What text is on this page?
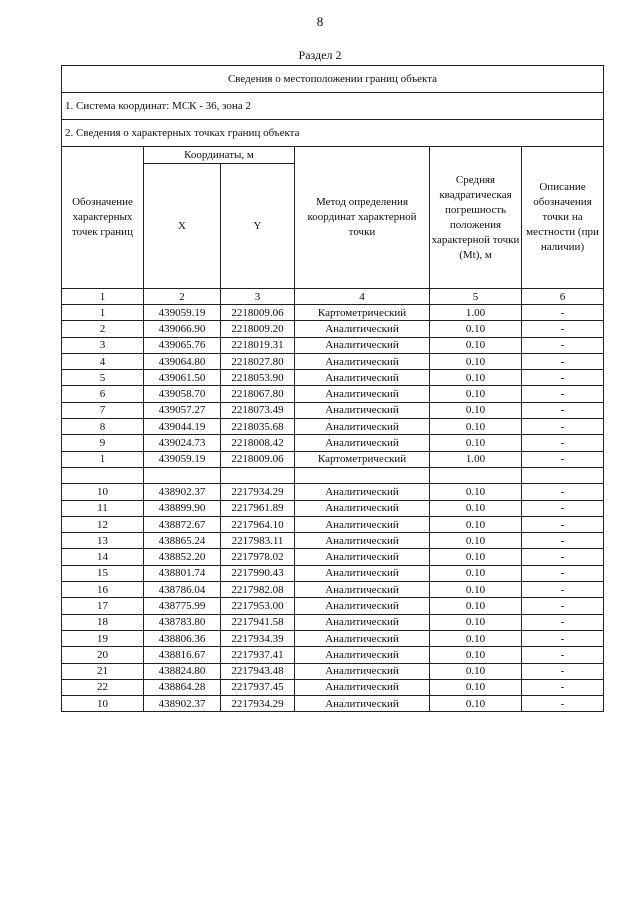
8
Раздел 2
Сведения о местоположении границ объекта					
1. Система координат: МСК - 36, зона 2					
2. Сведения о характерных точках границ объекта					
Обозначение характерных точек границ	Координаты, м		Метод определения координат характерной точки	Средняя квадратическая погрешность положения характерной точки (Mt), м	Описание обозначения точки на местности (при наличии)
	X	Y			
1	2	3	4	5	6
1	439059.19	2218009.06	Картометрический	1.00	-
2	439066.90	2218009.20	Аналитический	0.10	-
3	439065.76	2218019.31	Аналитический	0.10	-
4	439064.80	2218027.80	Аналитический	0.10	-
5	439061.50	2218053.90	Аналитический	0.10	-
6	439058.70	2218067.80	Аналитический	0.10	-
7	439057.27	2218073.49	Аналитический	0.10	-
8	439044.19	2218035.68	Аналитический	0.10	-
9	439024.73	2218008.42	Аналитический	0.10	-
1	439059.19	2218009.06	Картометрический	1.00	-

10	438902.37	2217934.29	Аналитический	0.10	-
11	438899.90	2217961.89	Аналитический	0.10	-
12	438872.67	2217964.10	Аналитический	0.10	-
13	438865.24	2217983.11	Аналитический	0.10	-
14	438852.20	2217978.02	Аналитический	0.10	-
15	438801.74	2217990.43	Аналитический	0.10	-
16	438786.04	2217982.08	Аналитический	0.10	-
17	438775.99	2217953.00	Аналитический	0.10	-
18	438783.80	2217941.58	Аналитический	0.10	-
19	438806.36	2217934.39	Аналитический	0.10	-
20	438816.67	2217937.41	Аналитический	0.10	-
21	438824.80	2217943.48	Аналитический	0.10	-
22	438864.28	2217937.45	Аналитический	0.10	-
10	438902.37	2217934.29	Аналитический	0.10	-
